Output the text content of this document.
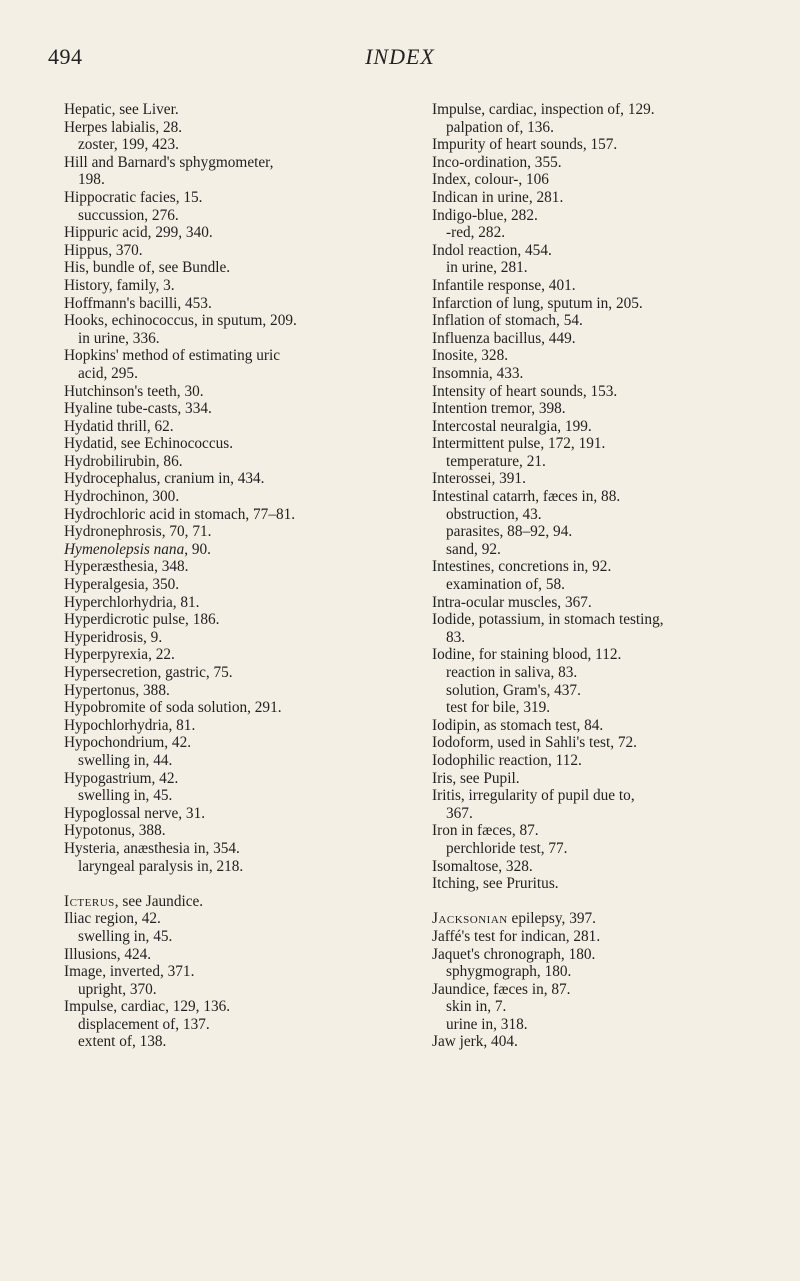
494	INDEX
Hepatic, see Liver.
Herpes labialis, 28.
zoster, 199, 423.
Hill and Barnard's sphygmometer,
198.
Hippocratic facies, 15.
succussion, 276.
Hippuric acid, 299, 340.
Hippus, 370.
His, bundle of, see Bundle.
History, family, 3.
Hoffmann's bacilli, 453.
Hooks, echinococcus, in sputum, 209.
in urine, 336.
Hopkins' method of estimating uric
acid, 295.
Hutchinson's teeth, 30.
Hyaline tube-casts, 334.
Hydatid thrill, 62.
Hydatid, see Echinococcus.
Hydrobilirubin, 86.
Hydrocephalus, cranium in, 434.
Hydrochinon, 300.
Hydrochloric acid in stomach, 77–81.
Hydronephrosis, 70, 71.
Hymenolepsis nana, 90.
Hyperæsthesia, 348.
Hyperalgesia, 350.
Hyperchlorhydria, 81.
Hyperdicrotic pulse, 186.
Hyperidrosis, 9.
Hyperpyrexia, 22.
Hypersecretion, gastric, 75.
Hypertonus, 388.
Hypobromite of soda solution, 291.
Hypochlorhydria, 81.
Hypochondrium, 42.
swelling in, 44.
Hypogastrium, 42.
swelling in, 45.
Hypoglossal nerve, 31.
Hypotonus, 388.
Hysteria, anæsthesia in, 354.
laryngeal paralysis in, 218.
Icterus, see Jaundice.
Iliac region, 42.
swelling in, 45.
Illusions, 424.
Image, inverted, 371.
upright, 370.
Impulse, cardiac, 129, 136.
displacement of, 137.
extent of, 138.
Impulse, cardiac, inspection of, 129.
palpation of, 136.
Impurity of heart sounds, 157.
Inco-ordination, 355.
Index, colour-, 106
Indican in urine, 281.
Indigo-blue, 282.
-red, 282.
Indol reaction, 454.
in urine, 281.
Infantile response, 401.
Infarction of lung, sputum in, 205.
Inflation of stomach, 54.
Influenza bacillus, 449.
Inosite, 328.
Insomnia, 433.
Intensity of heart sounds, 153.
Intention tremor, 398.
Intercostal neuralgia, 199.
Intermittent pulse, 172, 191.
temperature, 21.
Interossei, 391.
Intestinal catarrh, fæces in, 88.
obstruction, 43.
parasites, 88–92, 94.
sand, 92.
Intestines, concretions in, 92.
examination of, 58.
Intra-ocular muscles, 367.
Iodide, potassium, in stomach testing,
83.
Iodine, for staining blood, 112.
reaction in saliva, 83.
solution, Gram's, 437.
test for bile, 319.
Iodipin, as stomach test, 84.
Iodoform, used in Sahli's test, 72.
Iodophilic reaction, 112.
Iris, see Pupil.
Iritis, irregularity of pupil due to,
367.
Iron in fæces, 87.
perchloride test, 77.
Isomaltose, 328.
Itching, see Pruritus.
Jacksonian epilepsy, 397.
Jaffé's test for indican, 281.
Jaquet's chronograph, 180.
sphygmograph, 180.
Jaundice, fæces in, 87.
skin in, 7.
urine in, 318.
Jaw jerk, 404.
